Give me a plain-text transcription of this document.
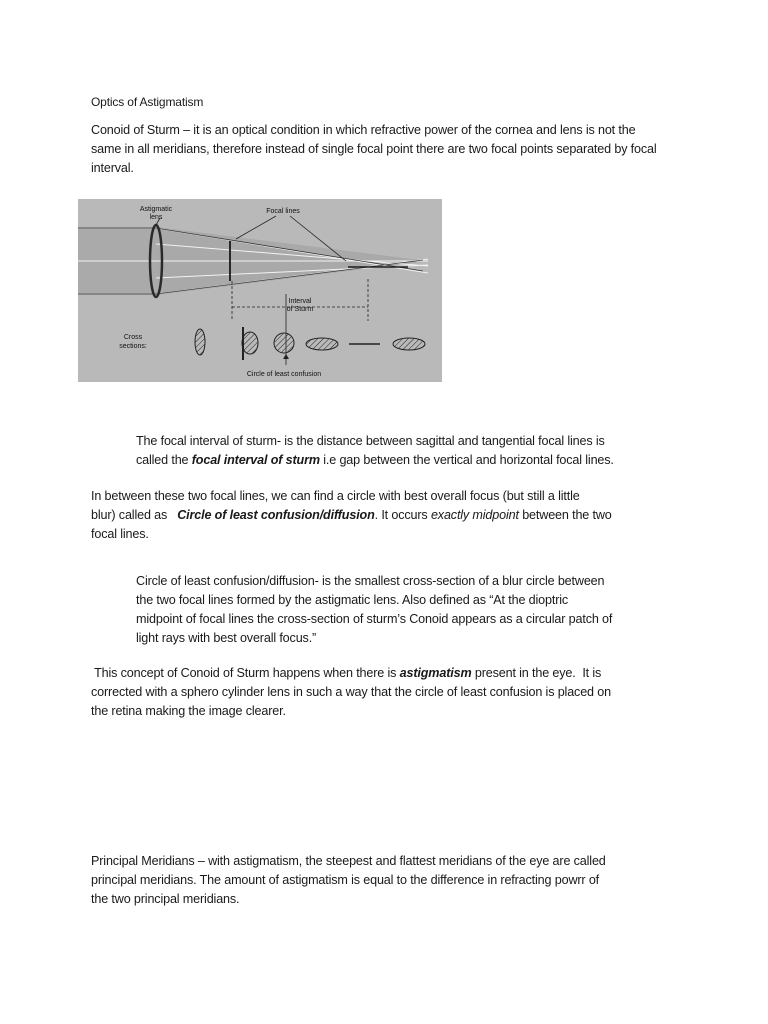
Optics of Astigmatism

Conoid of Sturm – it is an optical condition in which refractive power of the cornea and lens is not the
same in all meridians, therefore instead of single focal point there are two focal points separated by focal
interval.
Astigmatic
lens
Focal lines
Interval
of Sturm
Cross
sections:
Circle of least confusion
The focal interval of sturm- is the distance between sagittal and tangential focal lines is
called the focal interval of sturm i.e gap between the vertical and horizontal focal lines.
In between these two focal lines, we can find a circle with best overall focus (but still a little
blur) called as   Circle of least confusion/diffusion. It occurs exactly midpoint between the two
focal lines.
Circle of least confusion/diffusion- is the smallest cross-section of a blur circle between
the two focal lines formed by the astigmatic lens. Also defined as “At the dioptric
midpoint of focal lines the cross-section of sturm’s Conoid appears as a circular patch of
light rays with best overall focus.”
This concept of Conoid of Sturm happens when there is astigmatism present in the eye.  It is
corrected with a sphero cylinder lens in such a way that the circle of least confusion is placed on
the retina making the image clearer.
Principal Meridians – with astigmatism, the steepest and flattest meridians of the eye are called
principal meridians. The amount of astigmatism is equal to the difference in refracting powrr of
the two principal meridians.
